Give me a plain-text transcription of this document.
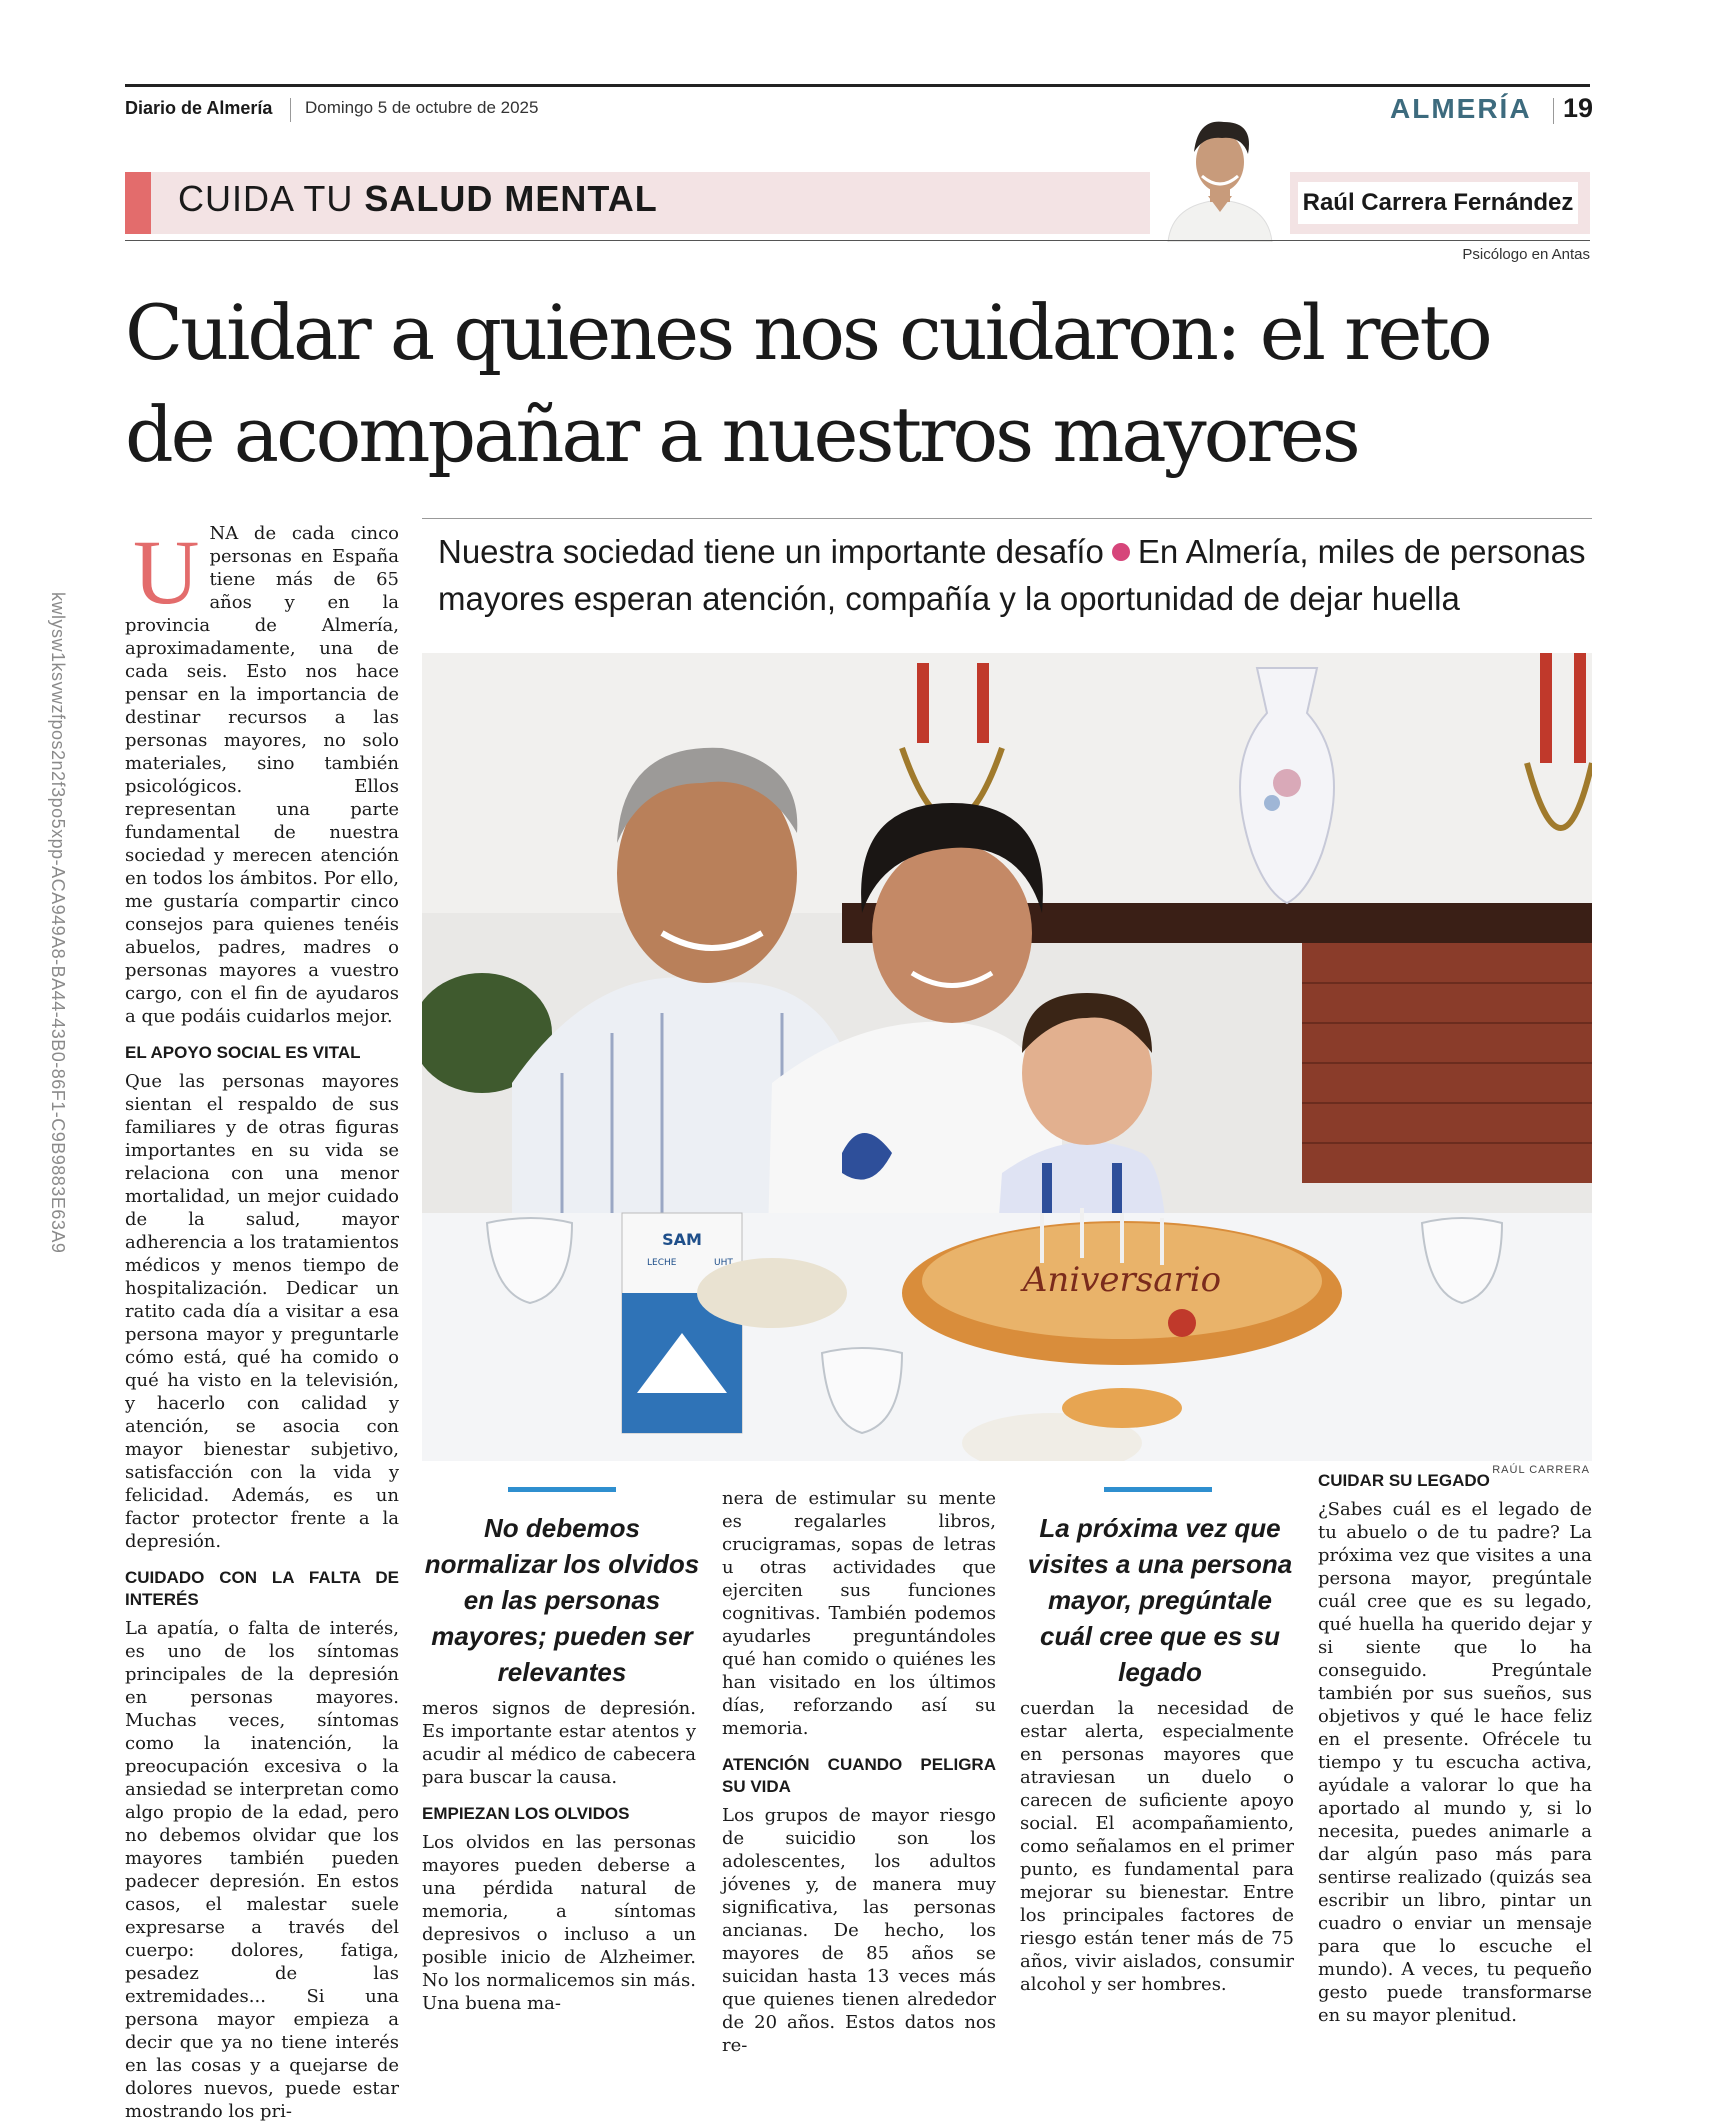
Diario de Almería Domingo 5 de octubre de 2025	ALMERÍA 19
CUIDA TU SALUD MENTAL	Raúl Carrera Fernández
Psicólogo en Antas
Cuidar a quienes nos cuidaron: el reto de acompañar a nuestros mayores
kwlysw1ksvwzfpos2n2f3po5xpp-ACA949A8-BA44-43B0-86F1-C9B9883E63A9
Nuestra sociedad tiene un importante desafío En Almería, miles de personas mayores esperan atención, compañía y la oportunidad de dejar huella
Aniversario
SAM
LECHE	UHT
RAÚL CARRERA
U NA de cada cinco personas en España tiene más de 65 años y en la provincia de Almería, aproximadamente, una de cada seis. Esto nos hace pensar en la importancia de destinar recursos a las personas mayores, no solo materiales, sino también psicológicos. Ellos representan una parte fundamental de nuestra sociedad y merecen atención en todos los ámbitos. Por ello, me gustaría compartir cinco consejos para quienes tenéis abuelos, padres, madres o personas mayores a vuestro cargo, con el fin de ayudaros a que podáis cuidarlos mejor.

EL APOYO SOCIAL ES VITAL

Que las personas mayores sientan el respaldo de sus familiares y de otras figuras importantes en su vida se relaciona con una menor mortalidad, un mejor cuidado de la salud, mayor adherencia a los tratamientos médicos y menos tiempo de hospitalización. Dedicar un ratito cada día a visitar a esa persona mayor y preguntarle cómo está, qué ha comido o qué ha visto en la televisión, y hacerlo con calidad y atención, se asocia con mayor bienestar subjetivo, satisfacción con la vida y felicidad. Además, es un factor protector frente a la depresión.

CUIDADO CON LA FALTA DE INTERÉS

La apatía, o falta de interés, es uno de los síntomas principales de la depresión en personas mayores. Muchas veces, síntomas como la inatención, la preocupación excesiva o la ansiedad se interpretan como algo propio de la edad, pero no debemos olvidar que los mayores también pueden padecer depresión. En estos casos, el malestar suele expresarse a través del cuerpo: dolores, fatiga, pesadez de las extremidades... Si una persona mayor empieza a decir que ya no tiene interés en las cosas y a quejarse de dolores nuevos, puede estar mostrando los pri-

No debemos normalizar los olvidos en las personas mayores; pueden ser relevantes

meros signos de depresión. Es importante estar atentos y acudir al médico de cabecera para buscar la causa.

EMPIEZAN LOS OLVIDOS

Los olvidos en las personas mayores pueden deberse a una pérdida natural de memoria, a síntomas depresivos o incluso a un posible inicio de Alzheimer. No los normalicemos sin más. Una buena ma-

nera de estimular su mente es regalarles libros, crucigramas, sopas de letras u otras actividades que ejerciten sus funciones cognitivas. También podemos ayudarles preguntándoles qué han comido o quiénes les han visitado en los últimos días, reforzando así su memoria.

ATENCIÓN CUANDO PELIGRA SU VIDA

Los grupos de mayor riesgo de suicidio son los adolescentes, los adultos jóvenes y, de manera muy significativa, las personas ancianas. De hecho, los mayores de 85 años se suicidan hasta 13 veces más que quienes tienen alrededor de 20 años. Estos datos nos re-

La próxima vez que visites a una persona mayor, pregúntale cuál cree que es su legado

cuerdan la necesidad de estar alerta, especialmente en personas mayores que atraviesan un duelo o carecen de suficiente apoyo social. El acompañamiento, como señalamos en el primer punto, es fundamental para mejorar su bienestar. Entre los principales factores de riesgo están tener más de 75 años, vivir aislados, consumir alcohol y ser hombres.

CUIDAR SU LEGADO

¿Sabes cuál es el legado de tu abuelo o de tu padre? La próxima vez que visites a una persona mayor, pregúntale cuál cree que es su legado, qué huella ha querido dejar y si siente que lo ha conseguido. Pregúntale también por sus sueños, sus objetivos y qué le hace feliz en el presente. Ofrécele tu tiempo y tu escucha activa, ayúdale a valorar lo que ha aportado al mundo y, si lo necesita, puedes animarle a dar algún paso más para sentirse realizado (quizás sea escribir un libro, pintar un cuadro o enviar un mensaje para que lo escuche el mundo). A veces, tu pequeño gesto puede transformarse en su mayor plenitud.
